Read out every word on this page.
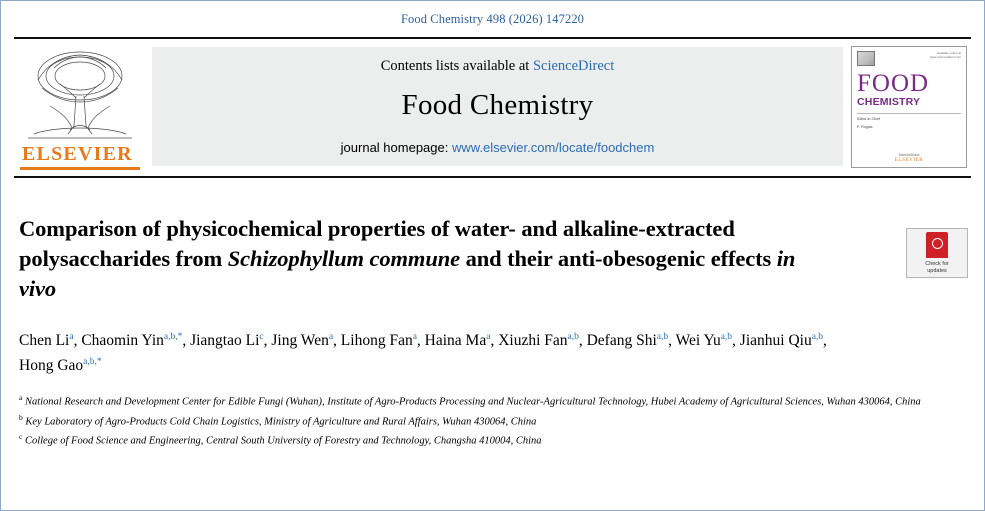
Food Chemistry 498 (2026) 147220
ELSEVIER
Contents lists available at ScienceDirect
Food Chemistry
journal homepage: www.elsevier.com/locate/foodchem
Available online at www.sciencedirect.com
FOOD
CHEMISTRY
Editor-in-Chief
P. Finglas
ScienceDirect
ELSEVIER
Check for
updates
Comparison of physicochemical properties of water- and alkaline-extracted polysaccharides from Schizophyllum commune and their anti-obesogenic effects in vivo
Chen Li$^a$, Chaomin Yin$^{a,b,*}$, Jiangtao Li$^c$, Jing Wen$^a$, Lihong Fan$^a$, Haina Ma$^a$, Xiuzhi Fan$^{a,b}$, Defang Shi$^{a,b}$, Wei Yu$^{a,b}$, Jianhui Qiu$^{a,b}$, Hong Gao$^{a,b,*}$
$^a$ National Research and Development Center for Edible Fungi (Wuhan), Institute of Agro-Products Processing and Nuclear-Agricultural Technology, Hubei Academy of Agricultural Sciences, Wuhan 430064, China
$^b$ Key Laboratory of Agro-Products Cold Chain Logistics, Ministry of Agriculture and Rural Affairs, Wuhan 430064, China
$^c$ College of Food Science and Engineering, Central South University of Forestry and Technology, Changsha 410004, China
